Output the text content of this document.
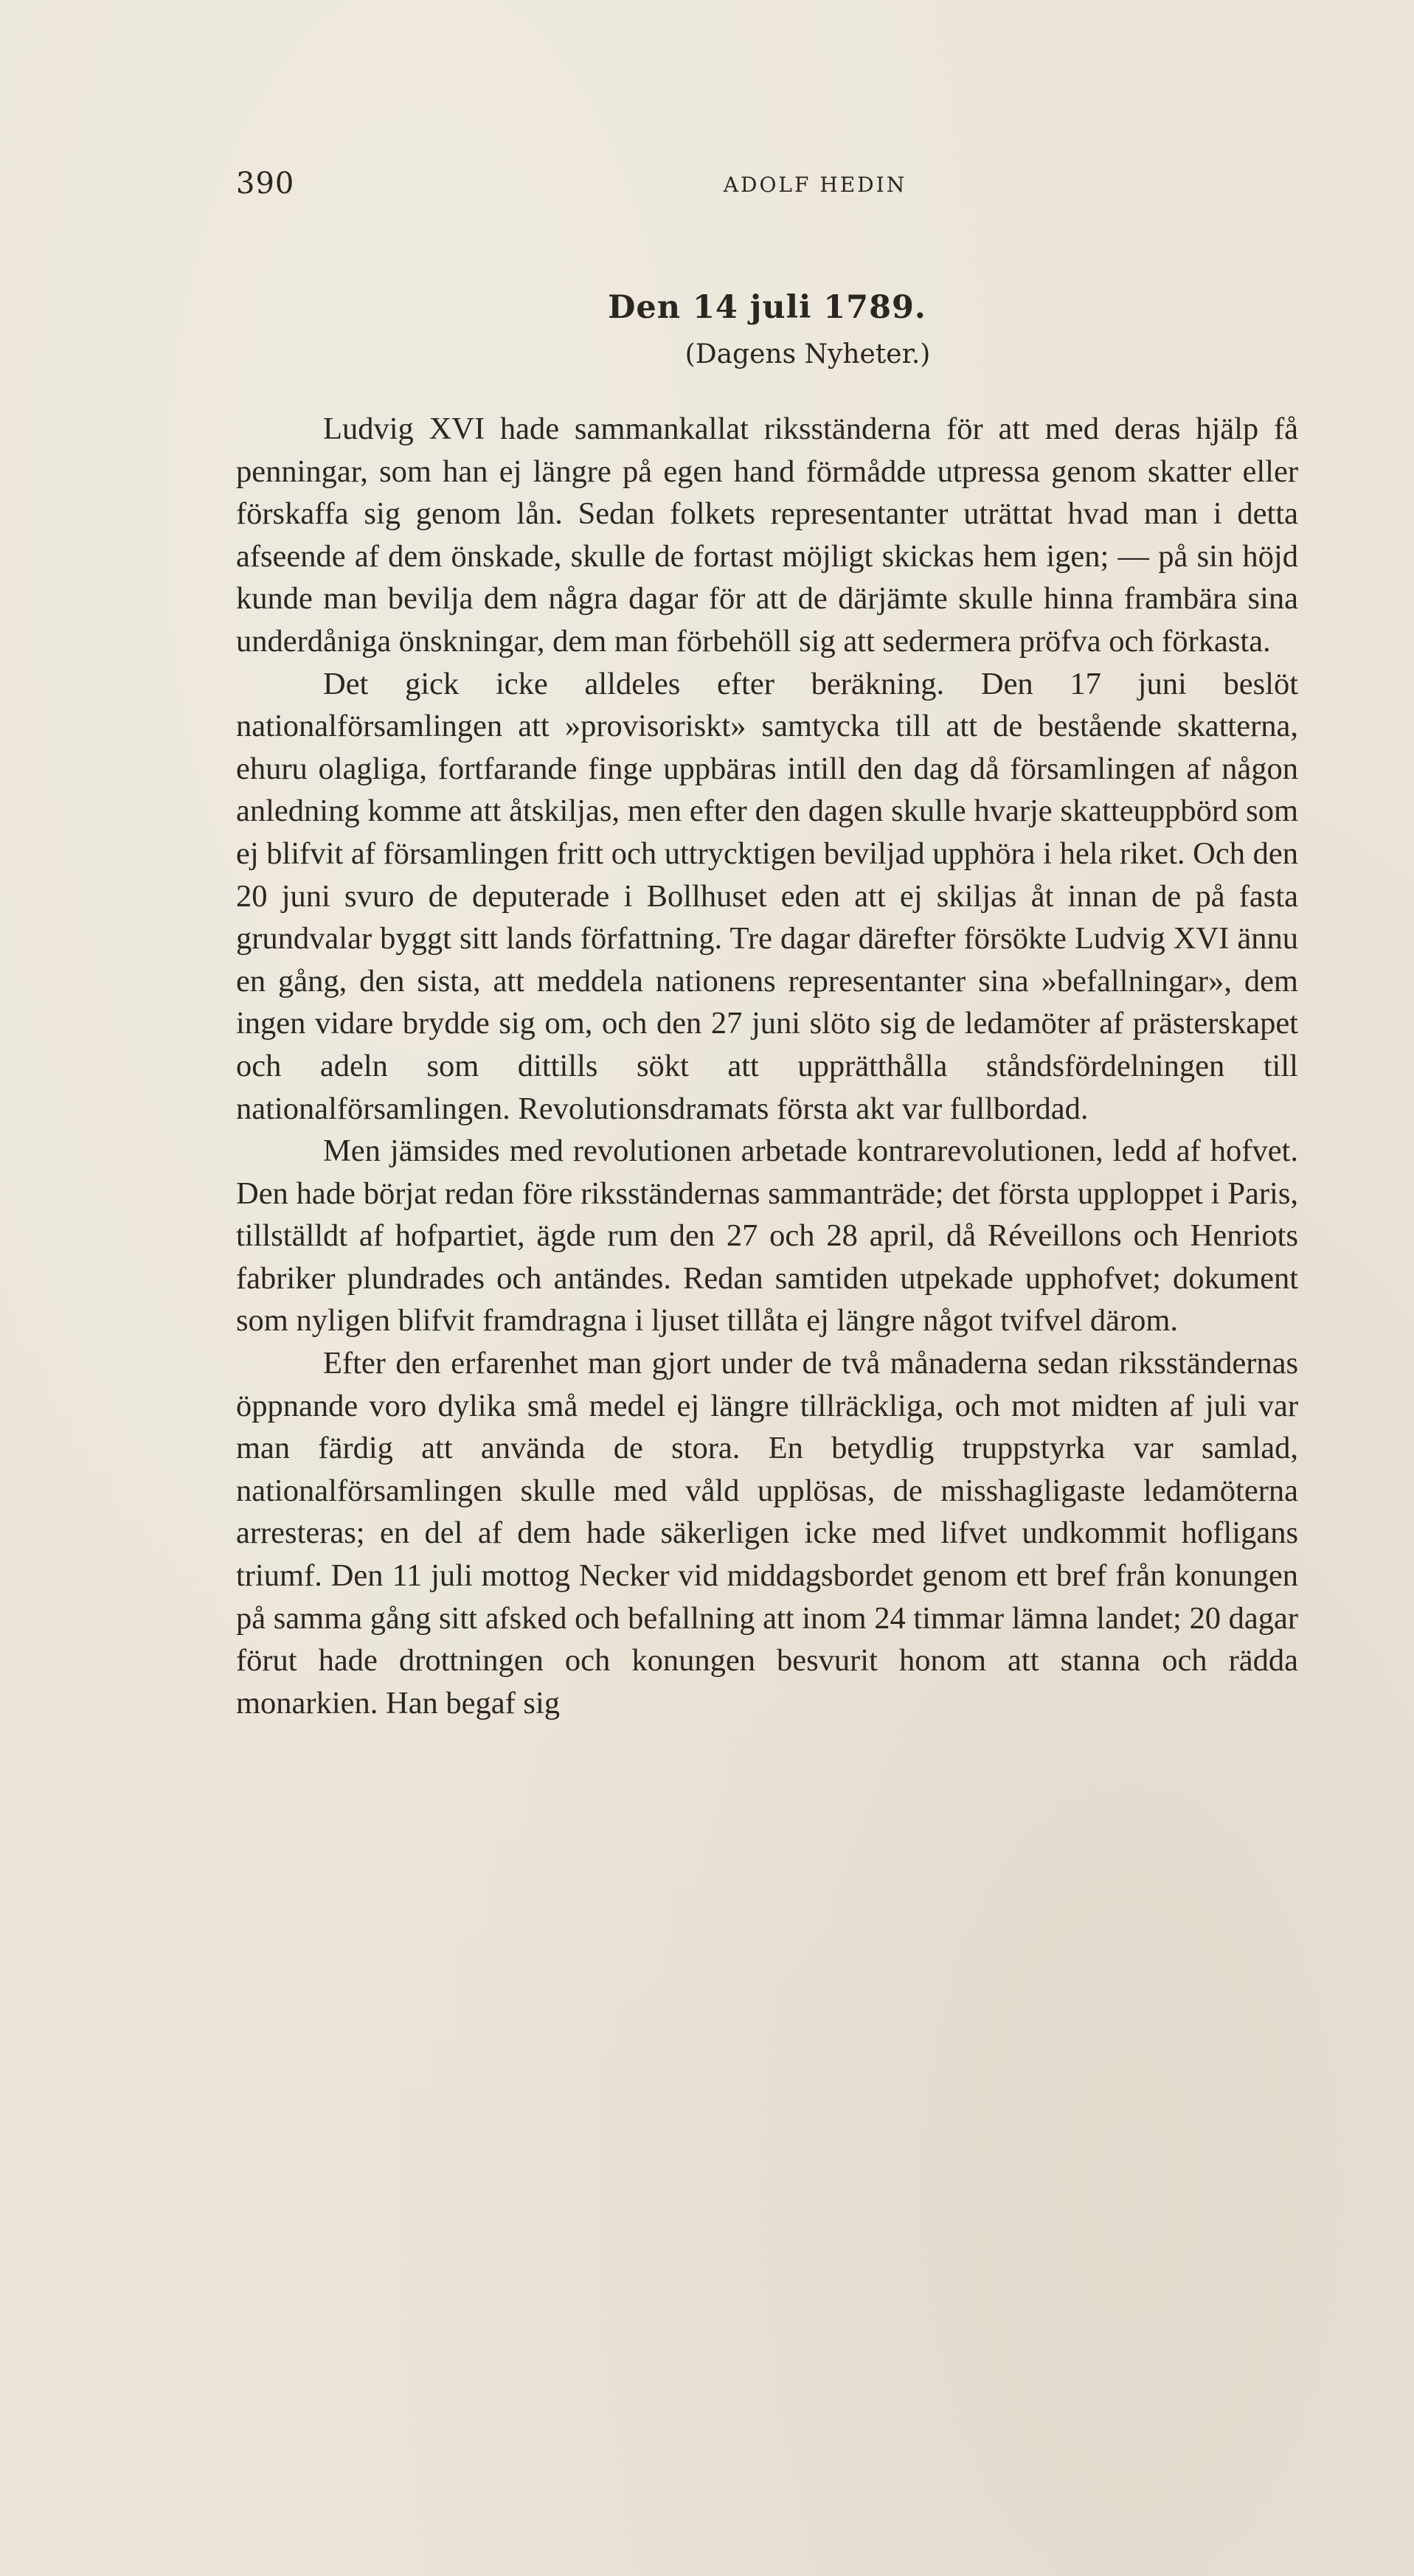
390	ADOLF HEDIN
Den 14 juli 1789.
(Dagens Nyheter.)

Ludvig XVI hade sammankallat riksständerna för att med deras hjälp få penningar, som han ej längre på egen hand förmådde utpressa genom skatter eller förskaffa sig genom lån. Sedan folkets representanter uträttat hvad man i detta afseende af dem önskade, skulle de fortast möjligt skickas hem igen; — på sin höjd kunde man bevilja dem några dagar för att de därjämte skulle hinna frambära sina underdåniga önskningar, dem man förbehöll sig att sedermera pröfva och förkasta.

Det gick icke alldeles efter beräkning. Den 17 juni beslöt nationalförsamlingen att »provisoriskt» samtycka till att de bestående skatterna, ehuru olagliga, fortfarande finge uppbäras intill den dag då församlingen af någon anledning komme att åtskiljas, men efter den dagen skulle hvarje skatteuppbörd som ej blifvit af församlingen fritt och uttrycktigen beviljad upphöra i hela riket. Och den 20 juni svuro de deputerade i Bollhuset eden att ej skiljas åt innan de på fasta grundvalar byggt sitt lands författning. Tre dagar därefter försökte Ludvig XVI ännu en gång, den sista, att meddela nationens representanter sina »befallningar», dem ingen vidare brydde sig om, och den 27 juni slöto sig de ledamöter af prästerskapet och adeln som dittills sökt att upprätthålla ståndsfördelningen till nationalförsamlingen. Revolutionsdramats första akt var fullbordad.

Men jämsides med revolutionen arbetade kontrarevolutionen, ledd af hofvet. Den hade börjat redan före riksständernas sammanträde; det första upploppet i Paris, tillställdt af hofpartiet, ägde rum den 27 och 28 april, då Réveillons och Henriots fabriker plundrades och antändes. Redan samtiden utpekade upphofvet; dokument som nyligen blifvit framdragna i ljuset tillåta ej längre något tvifvel därom.

Efter den erfarenhet man gjort under de två månaderna sedan riksständernas öppnande voro dylika små medel ej längre tillräckliga, och mot midten af juli var man färdig att använda de stora. En betydlig truppstyrka var samlad, nationalförsamlingen skulle med våld upplösas, de misshagligaste ledamöterna arresteras; en del af dem hade säkerligen icke med lifvet undkommit hofligans triumf. Den 11 juli mottog Necker vid middagsbordet genom ett bref från konungen på samma gång sitt afsked och befallning att inom 24 timmar lämna landet; 20 dagar förut hade drottningen och konungen besvurit honom att stanna och rädda monarkien. Han begaf sig
